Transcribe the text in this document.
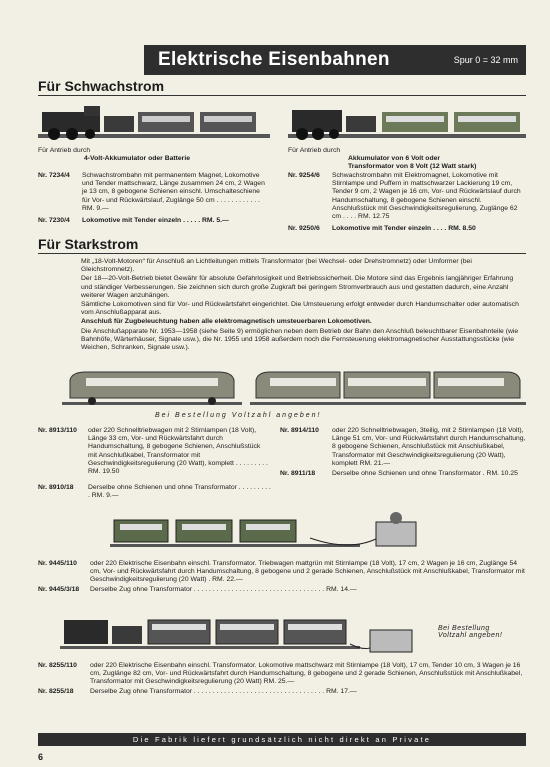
Elektrische Eisenbahnen	Spur 0 = 32 mm
Für Schwachstrom
Für Antrieb durch
4-Volt-Akkumulator oder Batterie
Nr. 7234/4	Schwachstrombahn mit permanentem Magnet, Lokomotive und Tender mattschwarz, Länge zusammen 24 cm, 2 Wagen je 13 cm, 8 gebogene Schienen einschl. Umschalteschiene für Vor- und Rückwärtslauf, Zuglänge 50 cm . . . . . . . . . . . . RM. 9.—
Nr. 7230/4	Lokomotive mit Tender einzeln . . . . . RM. 5.—
Für Antrieb durch
Akkumulator von 6 Volt oder
Transformator von 8 Volt (12 Watt stark)
Nr. 9254/6	Schwachstrombahn mit Elektromagnet, Lokomotive mit Stirnlampe und Puffern in mattschwarzer Lackierung 19 cm, Tender 9 cm, 2 Wagen je 16 cm, Vor- und Rückwärtslauf durch Handumschaltung, 8 gebogene Schienen einschl. Anschlußstück mit Geschwindigkeitsregulierung, Zuglänge 62 cm . . . . RM. 12.75
Nr. 9250/6	Lokomotive mit Tender einzeln . . . . RM. 8.50
Für Starkstrom
Mit „18-Volt-Motoren“ für Anschluß an Lichtleitungen mittels Transformator (bei Wechsel- oder Drehstromnetz) oder Umformer (bei Gleichstromnetz).
Der 18—20-Volt-Betrieb bietet Gewähr für absolute Gefahrlosigkeit und Betriebssicherheit. Die Motore sind das Ergebnis langjähriger Erfahrung und ständiger Verbesserungen. Sie zeichnen sich durch große Zugkraft bei geringem Stromverbrauch aus und gestatten dadurch, eine Anzahl weiterer Wagen anzuhängen.
Sämtliche Lokomotiven sind für Vor- und Rückwärtsfahrt eingerichtet. Die Umsteuerung erfolgt entweder durch Handumschalter oder automatisch vom Anschlußapparat aus.
Anschluß für Zugbeleuchtung haben alle elektromagnetisch umsteuerbaren Lokomotiven.
Die Anschlußapparate Nr. 1953—1958 (siehe Seite 9) ermöglichen neben dem Betrieb der Bahn den Anschluß beleuchtbarer Eisenbahnteile (wie Bahnhöfe, Wärterhäuser, Signale usw.), die Nr. 1955 und 1958 außerdem noch die Fernsteuerung elektromagnetischer Ausstattungsstücke (wie Weichen, Schranken, Signale usw.).
Bei Bestellung Voltzahl angeben!
Nr. 8913/110	oder 220 Schnelltriebwagen mit 2 Stirnlampen (18 Volt), Länge 33 cm, Vor- und Rückwärtsfahrt durch Handumschaltung, 8 gebogene Schienen, Anschlußstück mit Anschlußkabel, Transformator mit Geschwindigkeitsregulierung (20 Watt), komplett . . . . . . . . . RM. 19.50
Nr. 8910/18	Derselbe ohne Schienen und ohne Transformator . . . . . . . . . . RM. 9.—
Nr. 8914/110	oder 220 Schnelltriebwagen, 3teilig, mit 2 Stirnlampen (18 Volt), Länge 51 cm, Vor- und Rückwärtsfahrt durch Handumschaltung, 8 gebogene Schienen, Anschlußstück mit Anschlußkabel, Transformator mit Geschwindigkeitsregulierung (20 Watt), komplett RM. 21.—
Nr. 8911/18	Derselbe ohne Schienen und ohne Transformator . RM. 10.25
Nr. 9445/110	oder 220 Elektrische Eisenbahn einschl. Transformator. Triebwagen mattgrün mit Stirnlampe (18 Volt), 17 cm, 2 Wagen je 16 cm, Zuglänge 54 cm, Vor- und Rückwärtsfahrt durch Handumschaltung, 8 gebogene und 2 gerade Schienen, Anschlußstück mit Anschlußkabel, Transformator mit Geschwindigkeitsregulierung (20 Watt) . RM. 22.—
Nr. 9445/3/18	Derselbe Zug ohne Transformator . . . . . . . . . . . . . . . . . . . . . . . . . . . . . . . . . . . RM. 14.—
Bei Bestellung
Voltzahl angeben!
Nr. 8255/110	oder 220 Elektrische Eisenbahn einschl. Transformator. Lokomotive mattschwarz mit Stirnlampe (18 Volt), 17 cm, Tender 10 cm, 3 Wagen je 16 cm, Zuglänge 82 cm, Vor- und Rückwärtsfahrt durch Handumschaltung, 8 gebogene und 2 gerade Schienen, Anschlußstück mit Anschlußkabel, Transformator mit Geschwindigkeitsregulierung (20 Watt) RM. 25.—
Nr. 8255/18	Derselbe Zug ohne Transformator . . . . . . . . . . . . . . . . . . . . . . . . . . . . . . . . . . . RM. 17.—
Die Fabrik liefert grundsätzlich nicht direkt an Private
6
